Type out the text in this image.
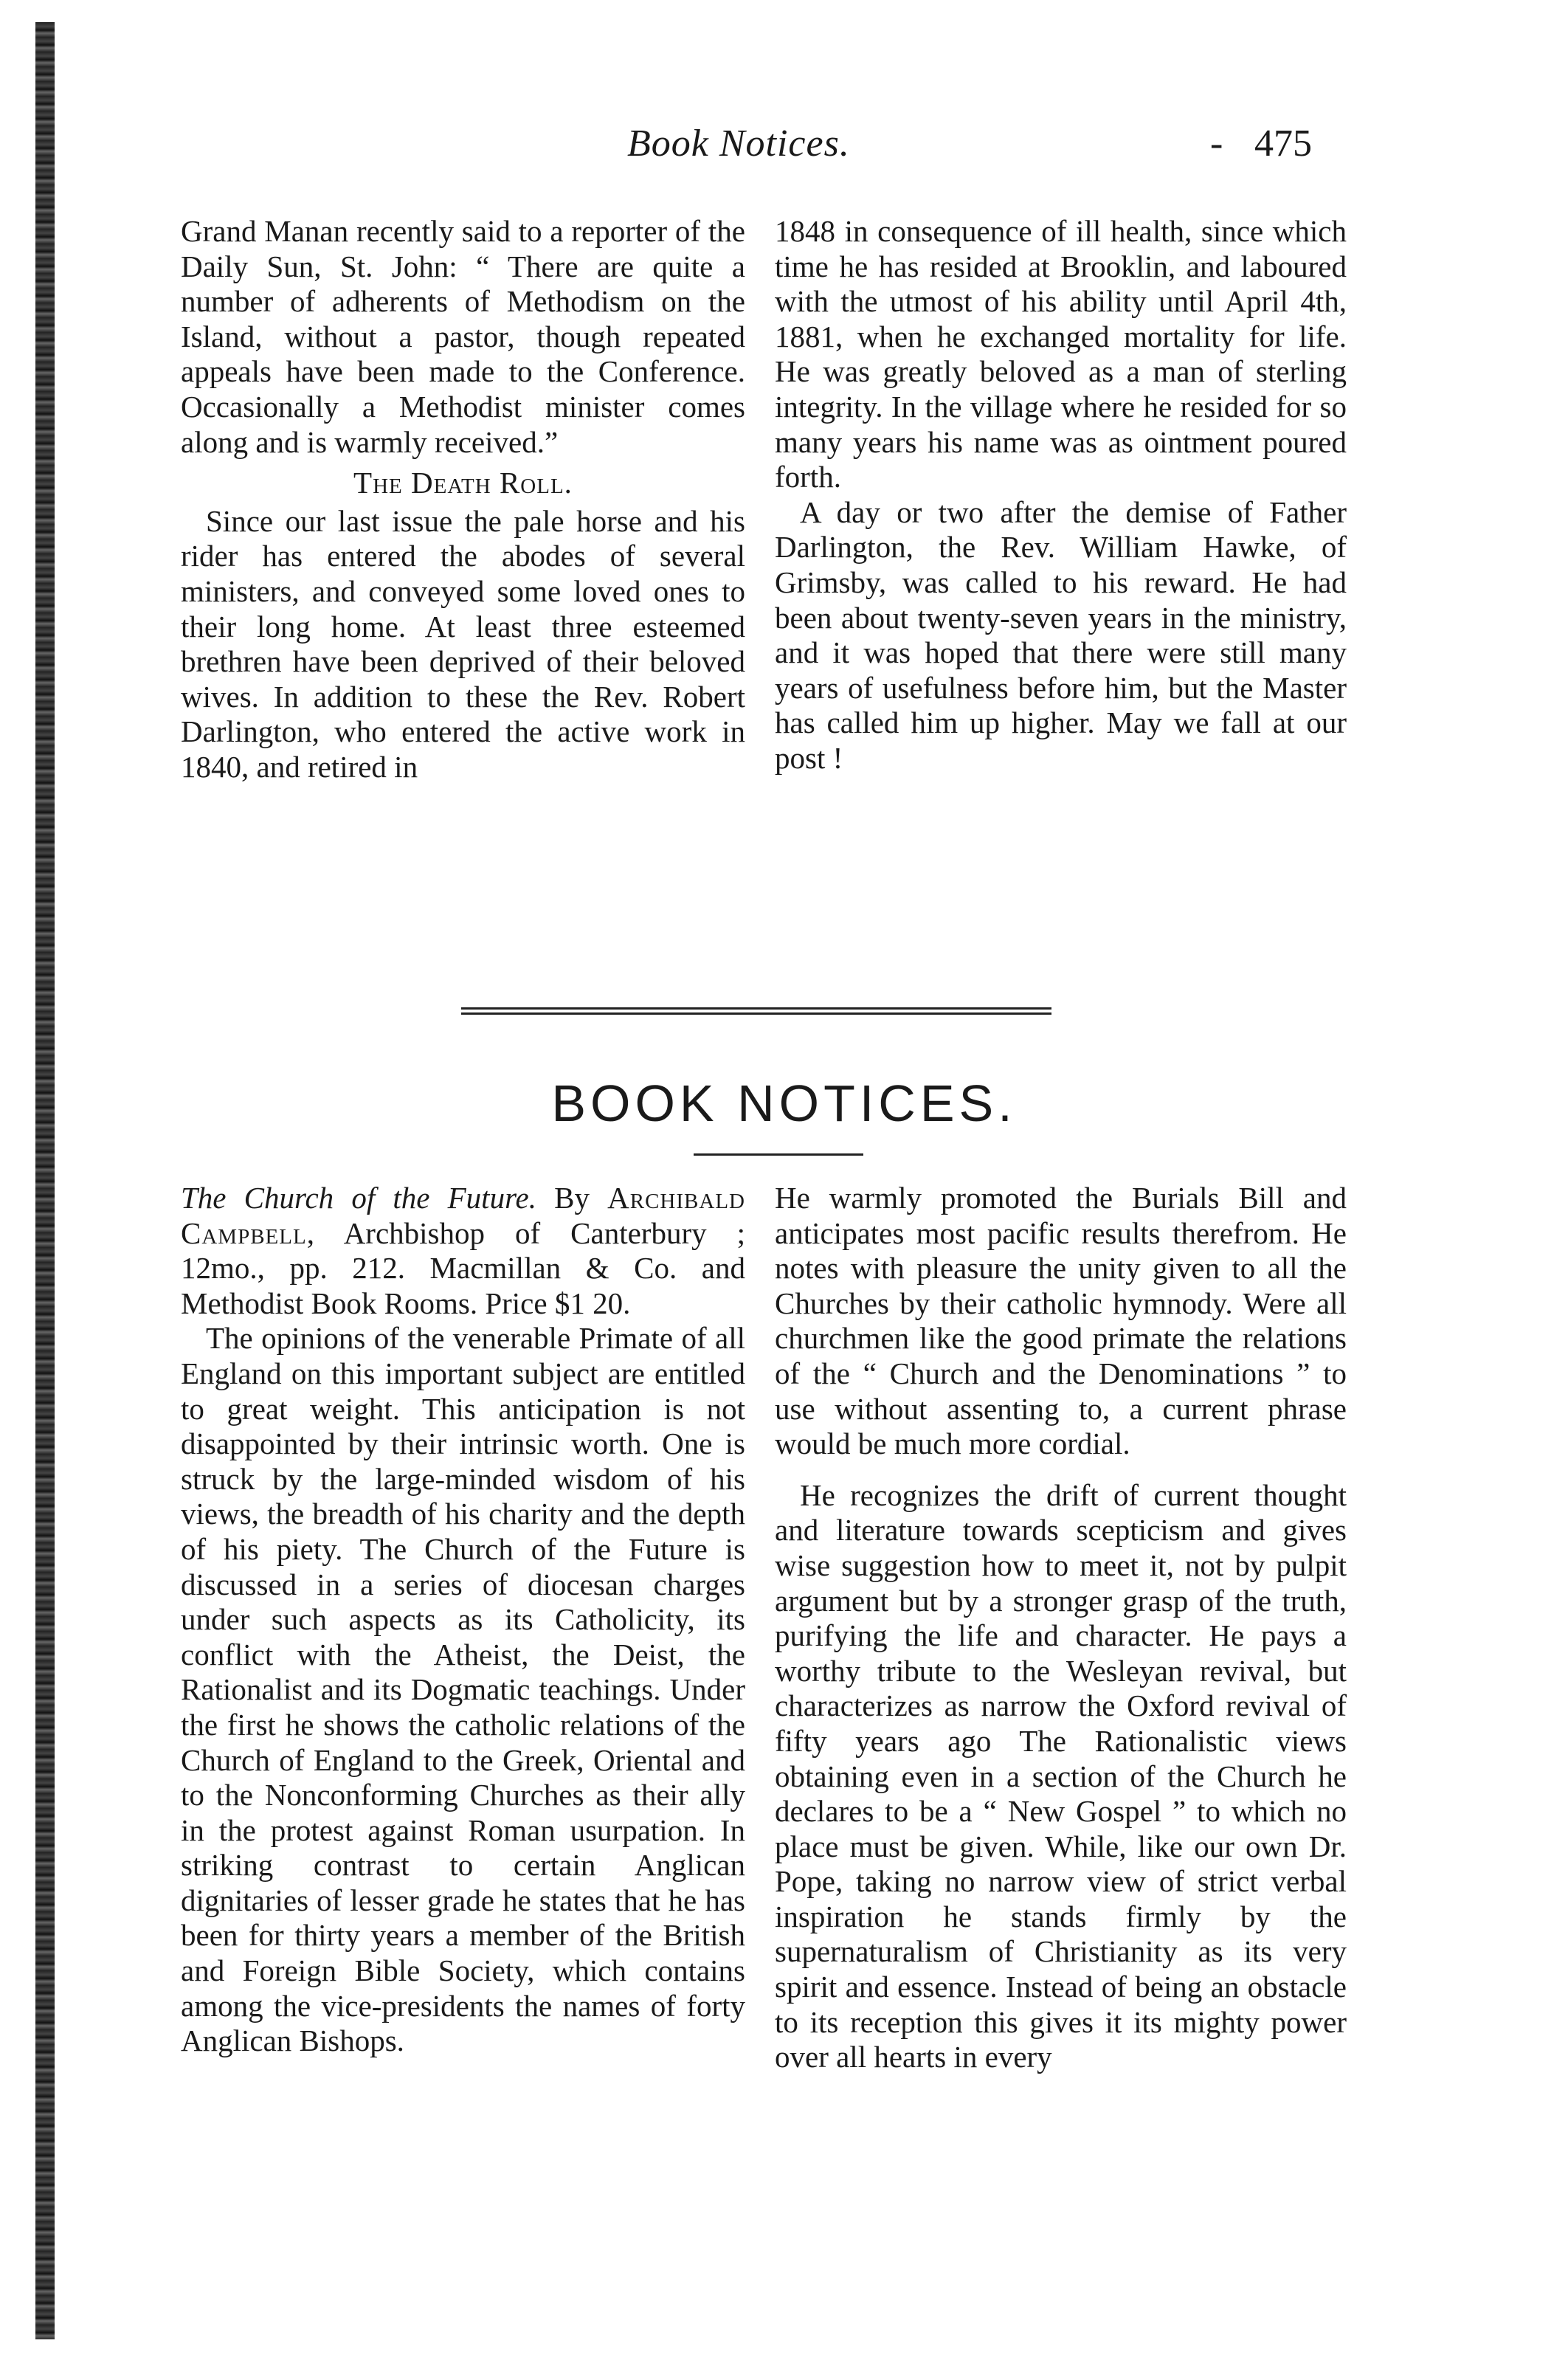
Book Notices.	- 475

Grand Manan recently said to a reporter of the Daily Sun, St. John: “ There are quite a number of adherents of Methodism on the Island, without a pastor, though repeated appeals have been made to the Conference. Occasionally a Methodist minister comes along and is warmly received.”

The Death Roll.

Since our last issue the pale horse and his rider has entered the abodes of several ministers, and conveyed some loved ones to their long home. At least three esteemed brethren have been deprived of their beloved wives. In addition to these the Rev. Robert Darlington, who entered the active work in 1840, and retired in

1848 in consequence of ill health, since which time he has resided at Brooklin, and laboured with the utmost of his ability until April 4th, 1881, when he exchanged mortality for life. He was greatly beloved as a man of sterling integrity. In the village where he resided for so many years his name was as ointment poured forth.

A day or two after the demise of Father Darlington, the Rev. William Hawke, of Grimsby, was called to his reward. He had been about twenty-seven years in the ministry, and it was hoped that there were still many years of usefulness before him, but the Master has called him up higher. May we fall at our post !

BOOK NOTICES.

The Church of the Future. By Archibald Campbell, Archbishop of Canterbury ; 12mo., pp. 212. Macmillan & Co. and Methodist Book Rooms. Price $1 20.

The opinions of the venerable Primate of all England on this important subject are entitled to great weight. This anticipation is not disappointed by their intrinsic worth. One is struck by the large-minded wisdom of his views, the breadth of his charity and the depth of his piety. The Church of the Future is discussed in a series of diocesan charges under such aspects as its Catholicity, its conflict with the Atheist, the Deist, the Rationalist and its Dogmatic teachings. Under the first he shows the catholic relations of the Church of England to the Greek, Oriental and to the Nonconforming Churches as their ally in the protest against Roman usurpation. In striking contrast to certain Anglican dignitaries of lesser grade he states that he has been for thirty years a member of the British and Foreign Bible Society, which contains among the vice-presidents the names of forty Anglican Bishops.

He warmly promoted the Burials Bill and anticipates most pacific results therefrom. He notes with pleasure the unity given to all the Churches by their catholic hymnody. Were all churchmen like the good primate the relations of the “ Church and the Denominations ” to use without assenting to, a current phrase would be much more cordial.

He recognizes the drift of current thought and literature towards scepticism and gives wise suggestion how to meet it, not by pulpit argument but by a stronger grasp of the truth, purifying the life and character. He pays a worthy tribute to the Wesleyan revival, but characterizes as narrow the Oxford revival of fifty years ago The Rationalistic views obtaining even in a section of the Church he declares to be a “ New Gospel ” to which no place must be given. While, like our own Dr. Pope, taking no narrow view of strict verbal inspiration he stands firmly by the supernaturalism of Christianity as its very spirit and essence. Instead of being an obstacle to its reception this gives it its mighty power over all hearts in every
